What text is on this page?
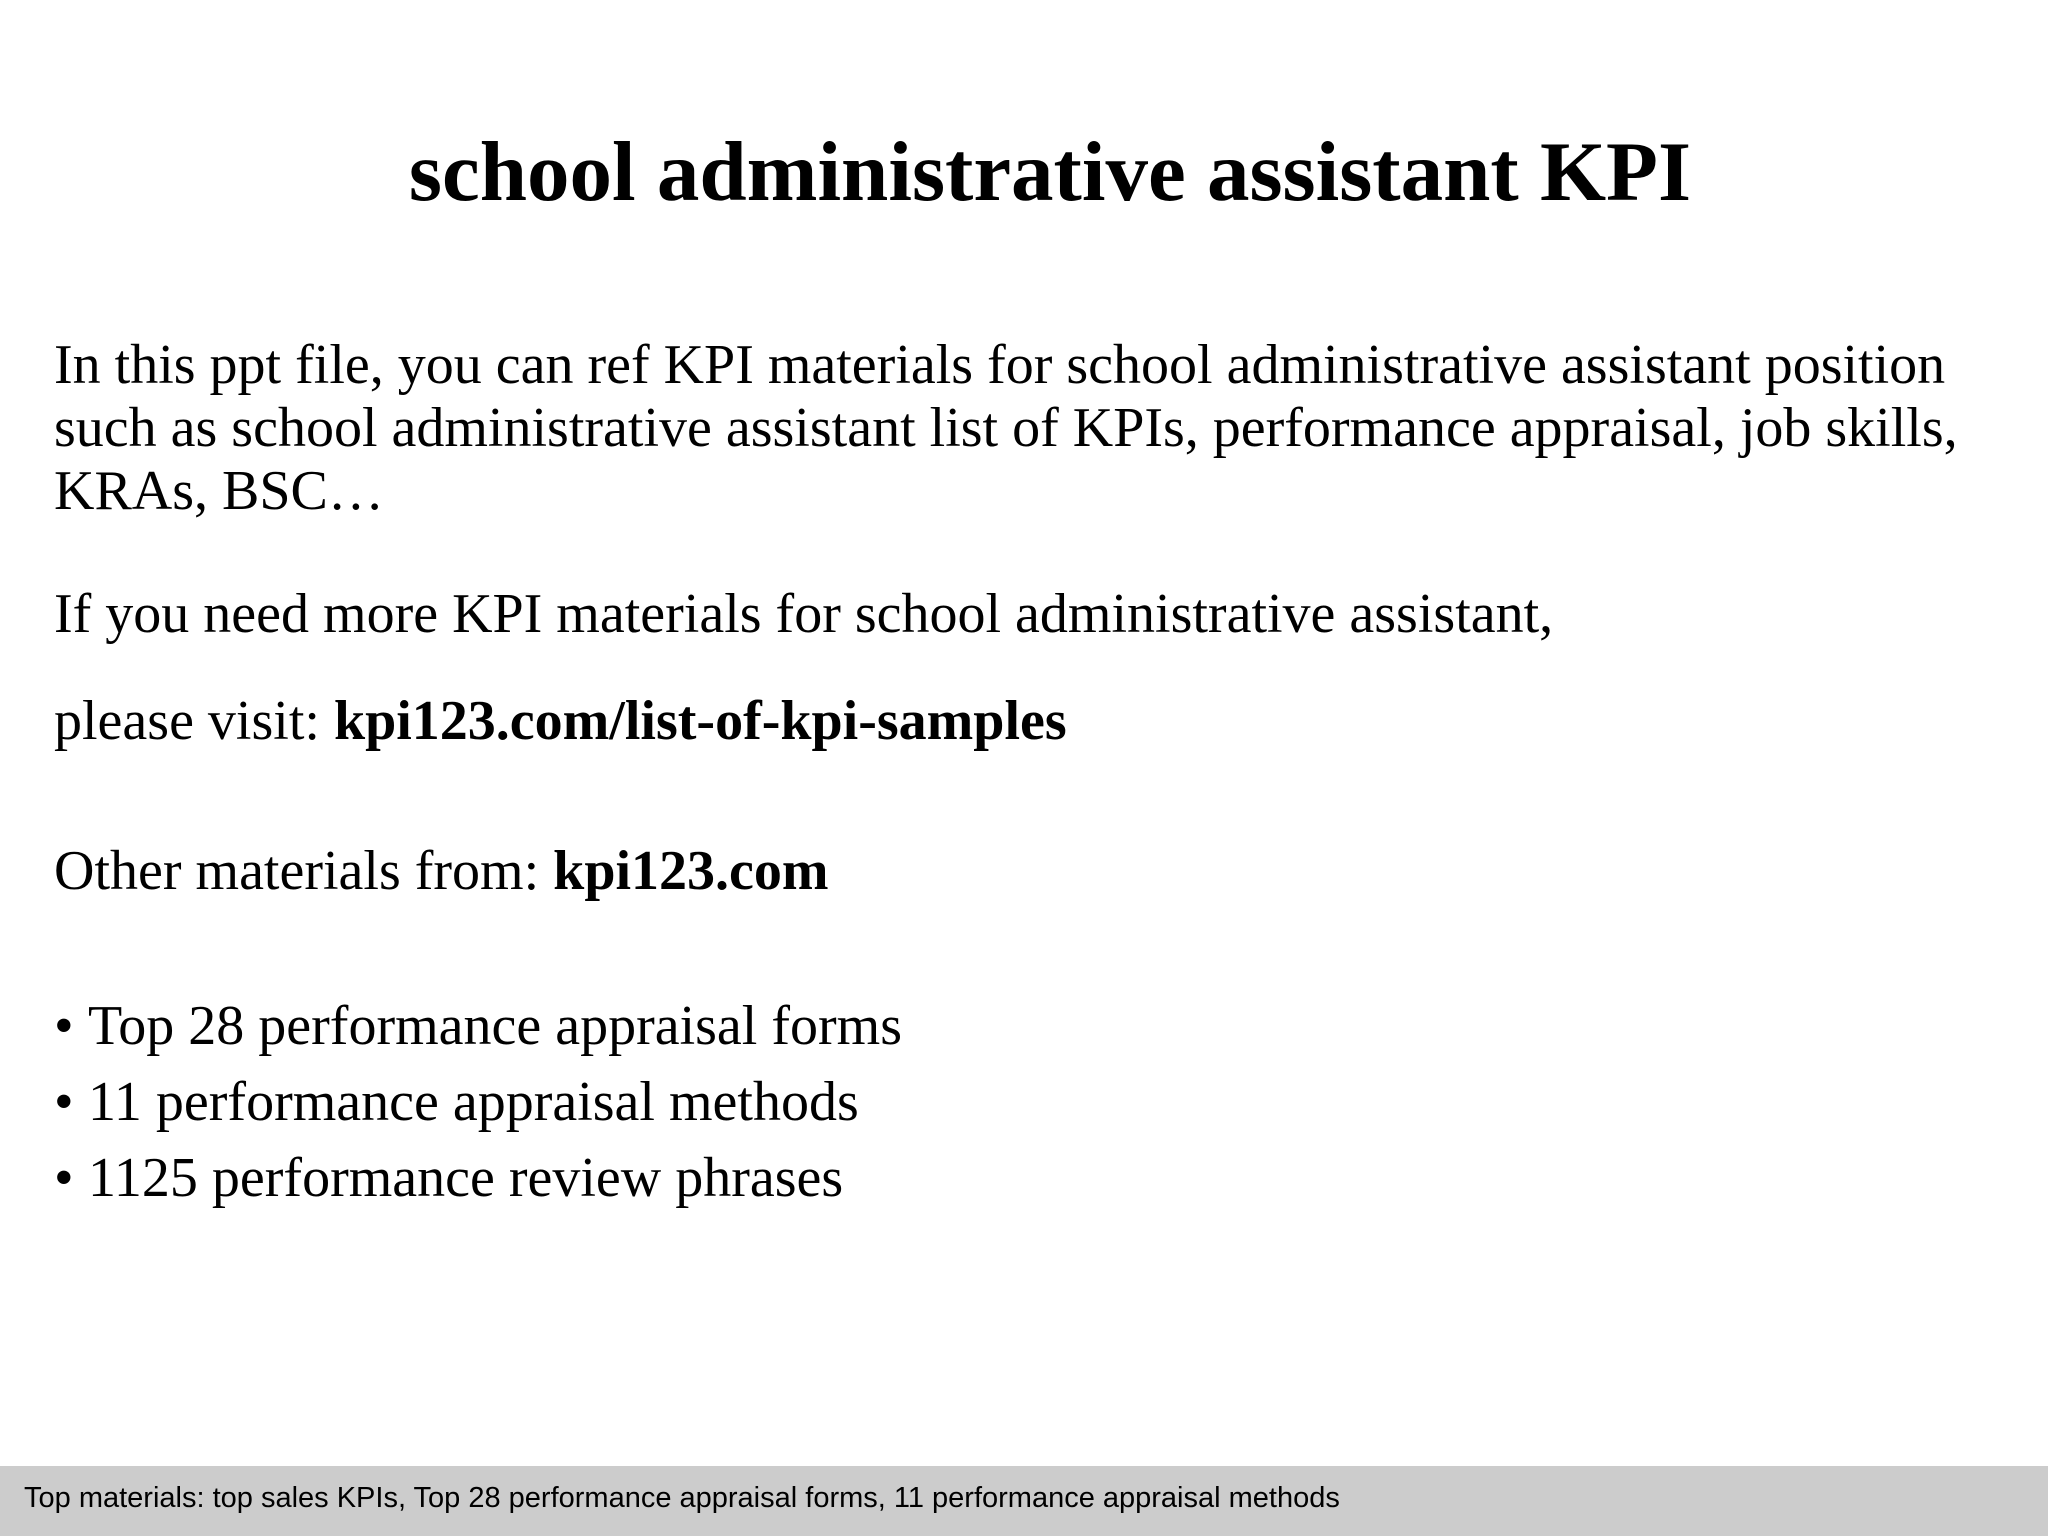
school administrative assistant KPI

In this ppt file, you can ref KPI materials for school administrative assistant position such as school administrative assistant list of KPIs, performance appraisal, job skills, KRAs, BSC…

If you need more KPI materials for school administrative assistant,

please visit: kpi123.com/list-of-kpi-samples

Other materials from: kpi123.com

• Top 28 performance appraisal forms
• 11 performance appraisal methods
• 1125 performance review phrases
Top materials: top sales KPIs, Top 28 performance appraisal forms, 11 performance appraisal methods
